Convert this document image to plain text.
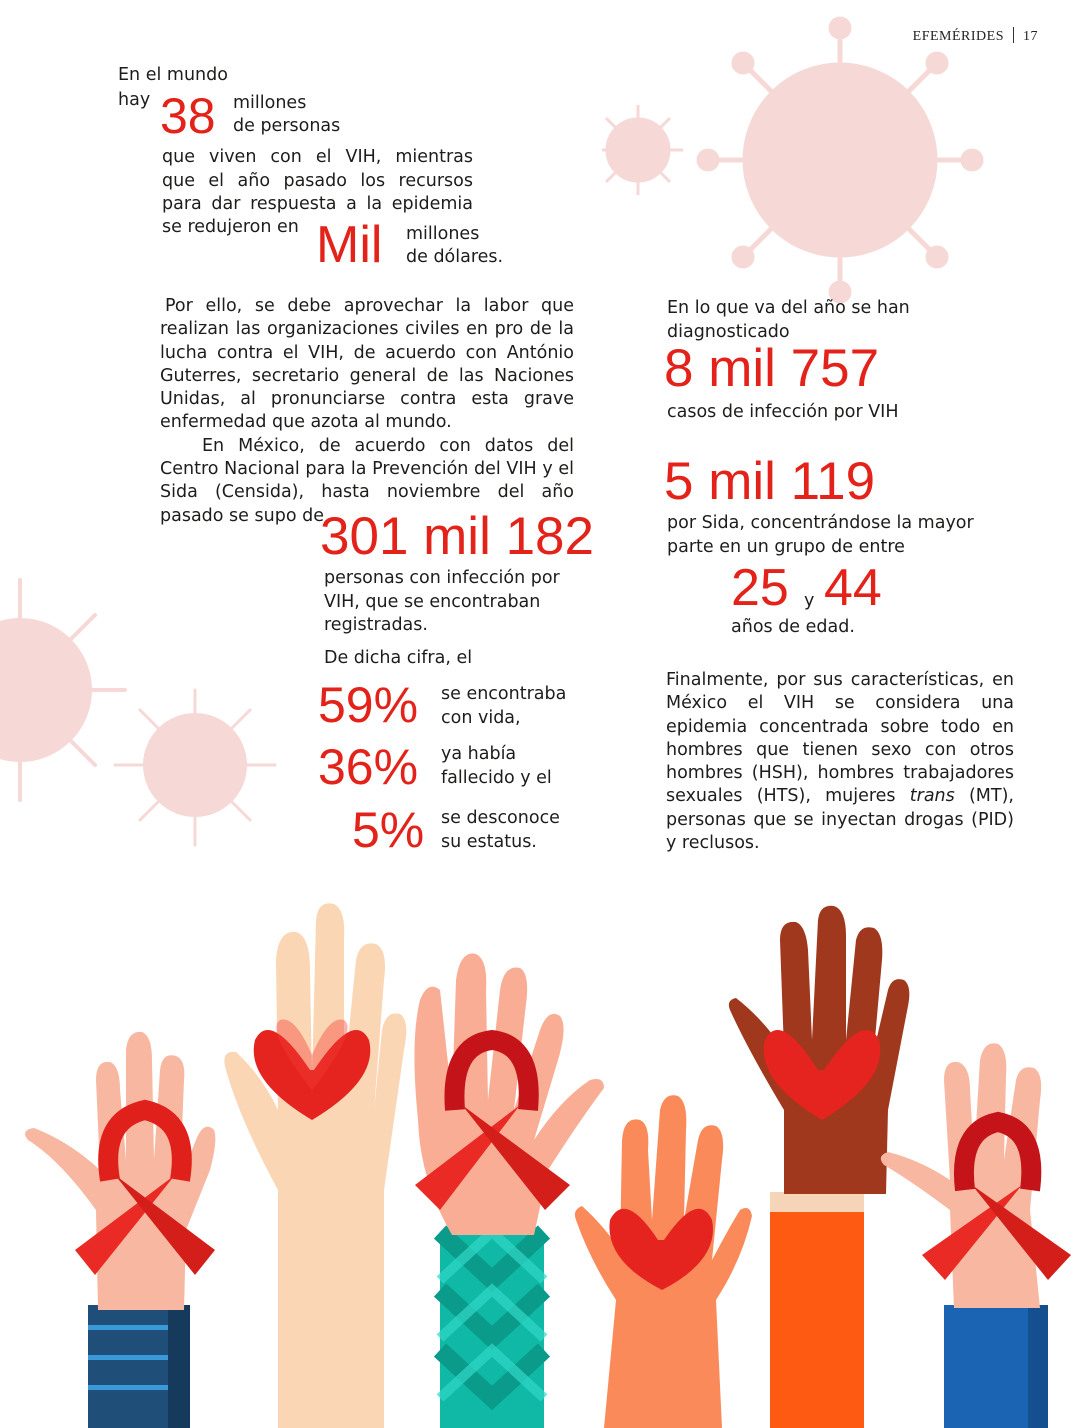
EFEMÉRIDES 17
En el mundo
hay 38 millones
de personas
que viven con el VIH, mientras
que el año pasado los recursos
para dar respuesta a la epidemia
se redujeron en Mil millones
de dólares.

Por ello, se debe aprovechar la labor que realizan las organizaciones civiles en pro de la lucha contra el VIH, de acuerdo con António Guterres, secretario general de las Naciones Unidas, al pronunciarse contra esta grave enfermedad que azota al mundo.

En México, de acuerdo con datos del Centro Nacional para la Prevención del VIH y el Sida (Censida), hasta noviembre del año pasado se supo de

301 mil 182
personas con infección por
VIH, que se encontraban
registradas.
De dicha cifra, el
59% se encontraba
con vida,
36% ya había
fallecido y el
5% se desconoce
su estatus.
En lo que va del año se han
diagnosticado
8 mil 757
casos de infección por VIH
5 mil 119
por Sida, concentrándose la mayor
parte en un grupo de entre
25 y 44
años de edad.

Finalmente, por sus características, en México el VIH se considera una epidemia concentrada sobre todo en hombres que tienen sexo con otros hombres (HSH), hombres trabajadores sexuales (HTS), mujeres trans (MT), personas que se inyectan drogas (PID) y reclusos.
